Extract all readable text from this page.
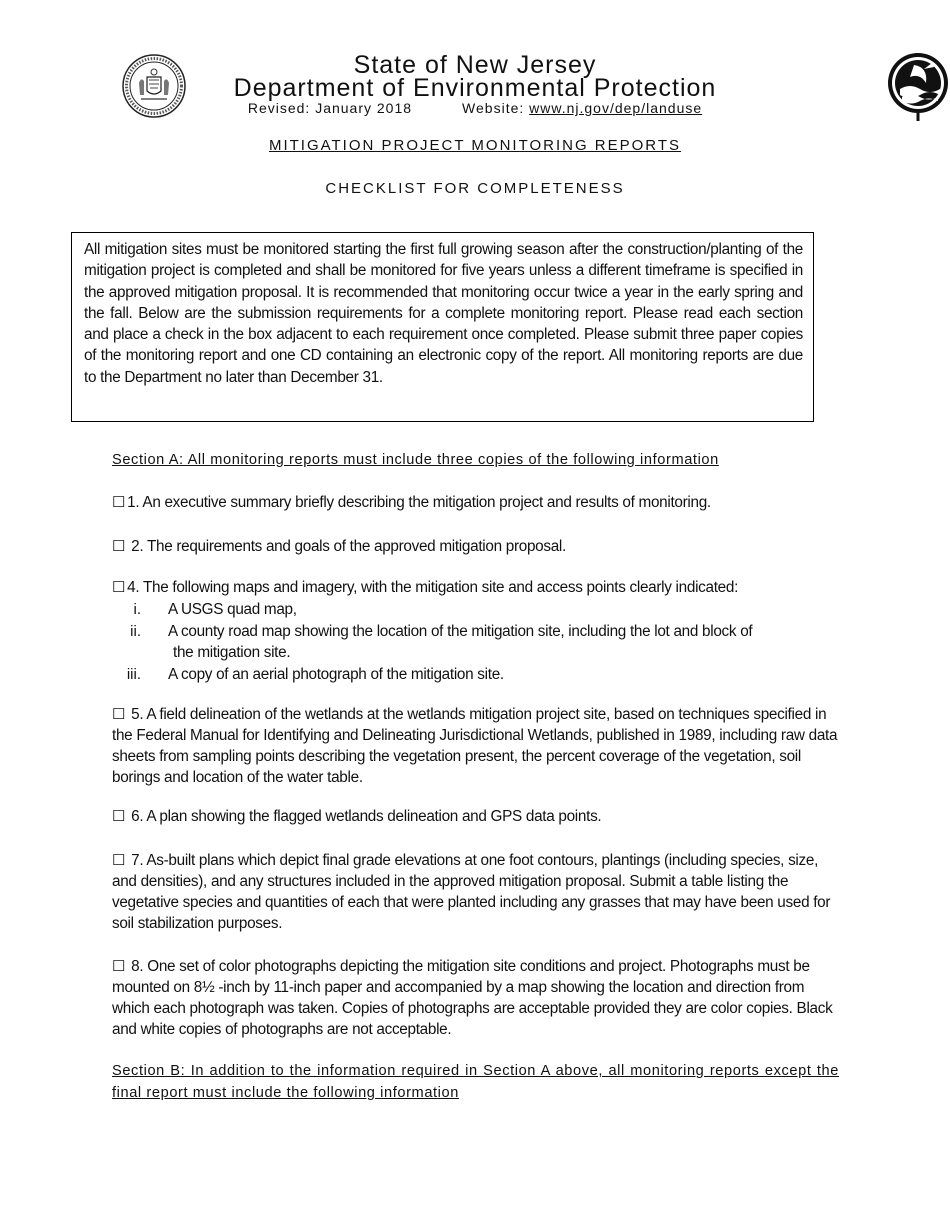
State of New Jersey
Department of Environmental Protection
Revised: January 2018	Website: www.nj.gov/dep/landuse
MITIGATION PROJECT MONITORING REPORTS
CHECKLIST FOR COMPLETENESS
All mitigation sites must be monitored starting the first full growing season after the construction/planting of the mitigation project is completed and shall be monitored for five years unless a different timeframe is specified in the approved mitigation proposal. It is recommended that monitoring occur twice a year in the early spring and the fall. Below are the submission requirements for a complete monitoring report. Please read each section and place a check in the box adjacent to each requirement once completed. Please submit three paper copies of the monitoring report and one CD containing an electronic copy of the report. All monitoring reports are due to the Department no later than December 31.
Section A: All monitoring reports must include three copies of the following information
☐ 1. An executive summary briefly describing the mitigation project and results of monitoring.
☐ 2. The requirements and goals of the approved mitigation proposal.
☐ 4. The following maps and imagery, with the mitigation site and access points clearly indicated:
i. A USGS quad map,
ii. A county road map showing the location of the mitigation site, including the lot and block of
the mitigation site.
iii. A copy of an aerial photograph of the mitigation site.
☐ 5. A field delineation of the wetlands at the wetlands mitigation project site, based on techniques specified in the Federal Manual for Identifying and Delineating Jurisdictional Wetlands, published in 1989, including raw data sheets from sampling points describing the vegetation present, the percent coverage of the vegetation, soil borings and location of the water table.
☐ 6. A plan showing the flagged wetlands delineation and GPS data points.
☐ 7. As-built plans which depict final grade elevations at one foot contours, plantings (including species, size, and densities), and any structures included in the approved mitigation proposal. Submit a table listing the vegetative species and quantities of each that were planted including any grasses that may have been used for soil stabilization purposes.
☐ 8. One set of color photographs depicting the mitigation site conditions and project. Photographs must be mounted on 8½ -inch by 11-inch paper and accompanied by a map showing the location and direction from which each photograph was taken. Copies of photographs are acceptable provided they are color copies. Black and white copies of photographs are not acceptable.
Section B: In addition to the information required in Section A above, all monitoring reports except the final report must include the following information
